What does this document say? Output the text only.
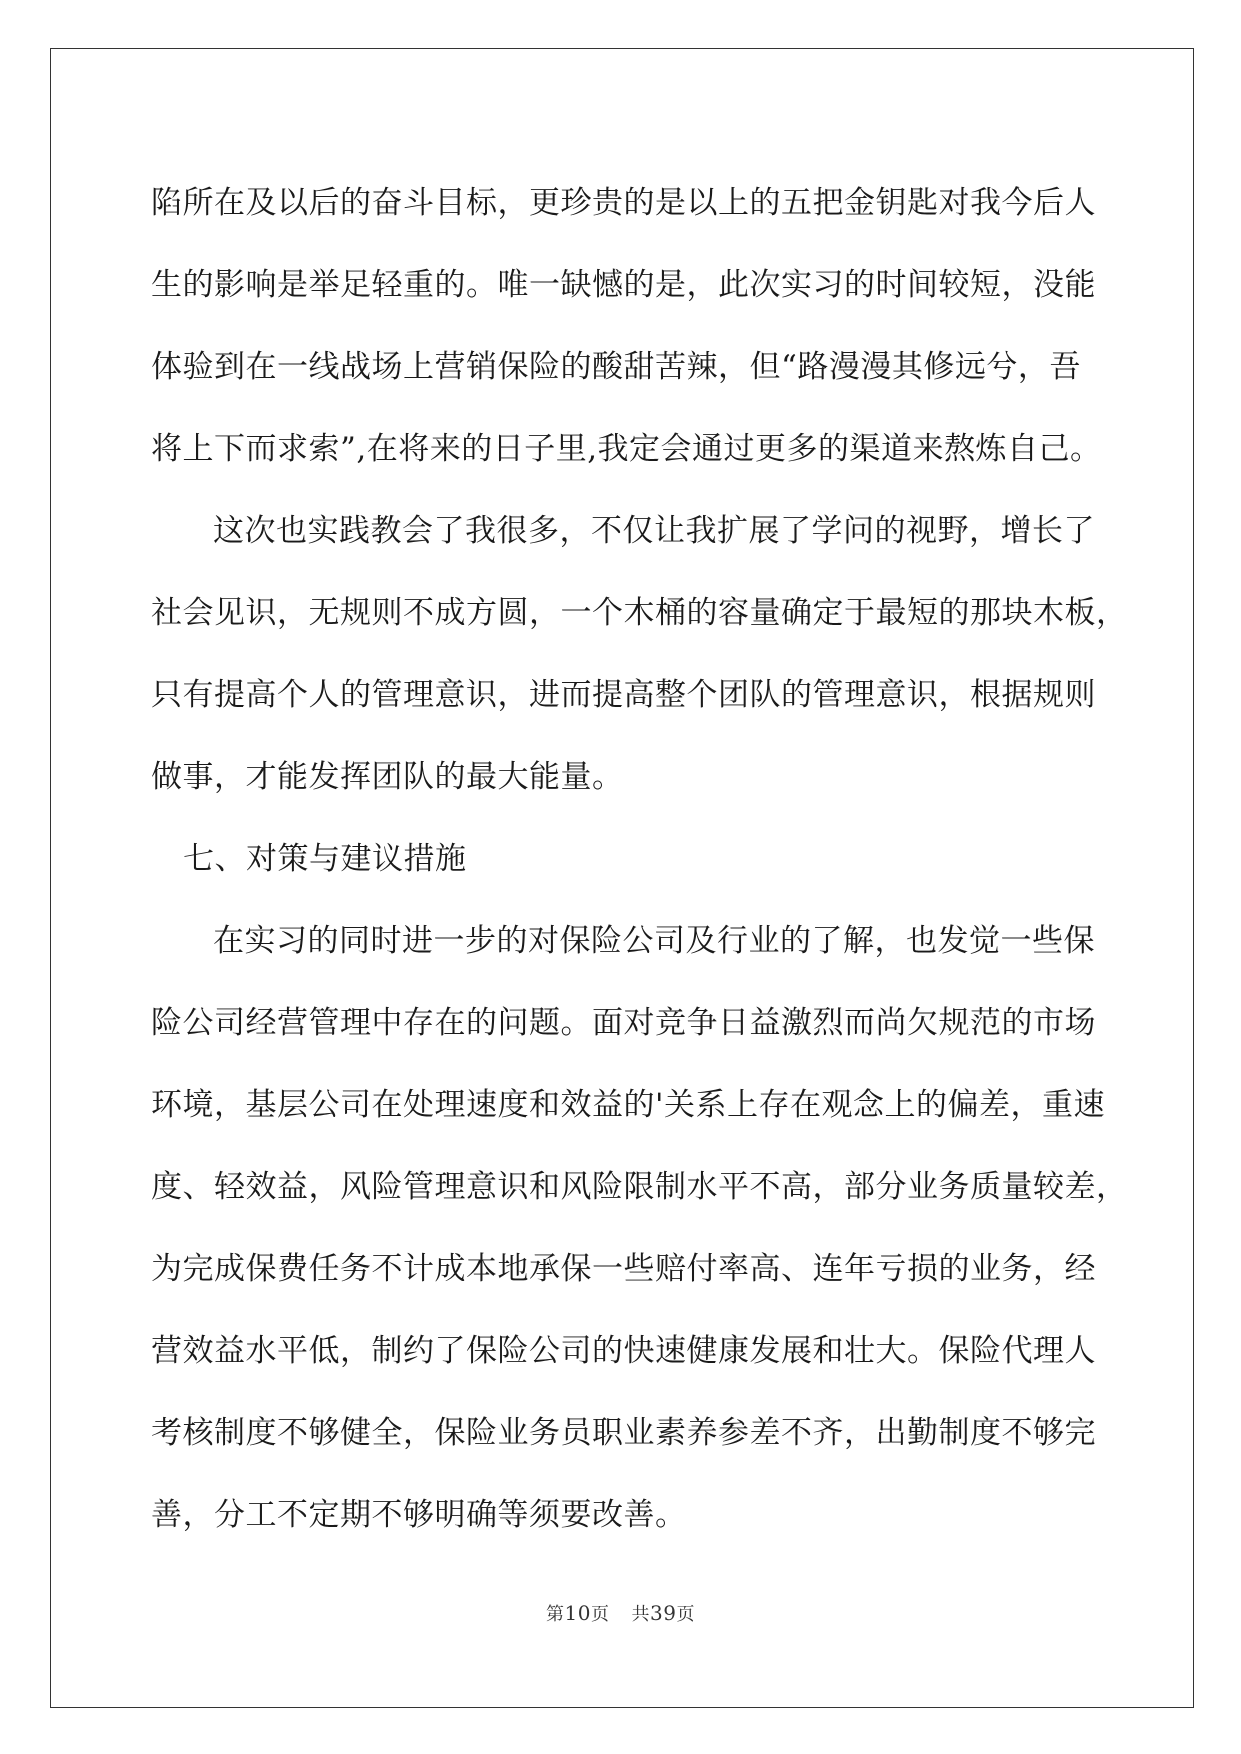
陷所在及以后的奋斗目标，更珍贵的是以上的五把金钥匙对我今后人
生的影响是举足轻重的。唯一缺憾的是，此次实习的时间较短，没能
体验到在一线战场上营销保险的酸甜苦辣，但“路漫漫其修远兮，吾
将上下而求索”,在将来的日子里,我定会通过更多的渠道来熬炼自己。
这次也实践教会了我很多，不仅让我扩展了学问的视野，增长了
社会见识，无规则不成方圆，一个木桶的容量确定于最短的那块木板，
只有提高个人的管理意识，进而提高整个团队的管理意识，根据规则
做事，才能发挥团队的最大能量。
七、对策与建议措施
在实习的同时进一步的对保险公司及行业的了解，也发觉一些保
险公司经营管理中存在的问题。面对竞争日益激烈而尚欠规范的市场
环境，基层公司在处理速度和效益的'关系上存在观念上的偏差，重速
度、轻效益，风险管理意识和风险限制水平不高，部分业务质量较差，
为完成保费任务不计成本地承保一些赔付率高、连年亏损的业务，经
营效益水平低，制约了保险公司的快速健康发展和壮大。保险代理人
考核制度不够健全，保险业务员职业素养参差不齐，出勤制度不够完
善，分工不定期不够明确等须要改善。
第10页 共39页
